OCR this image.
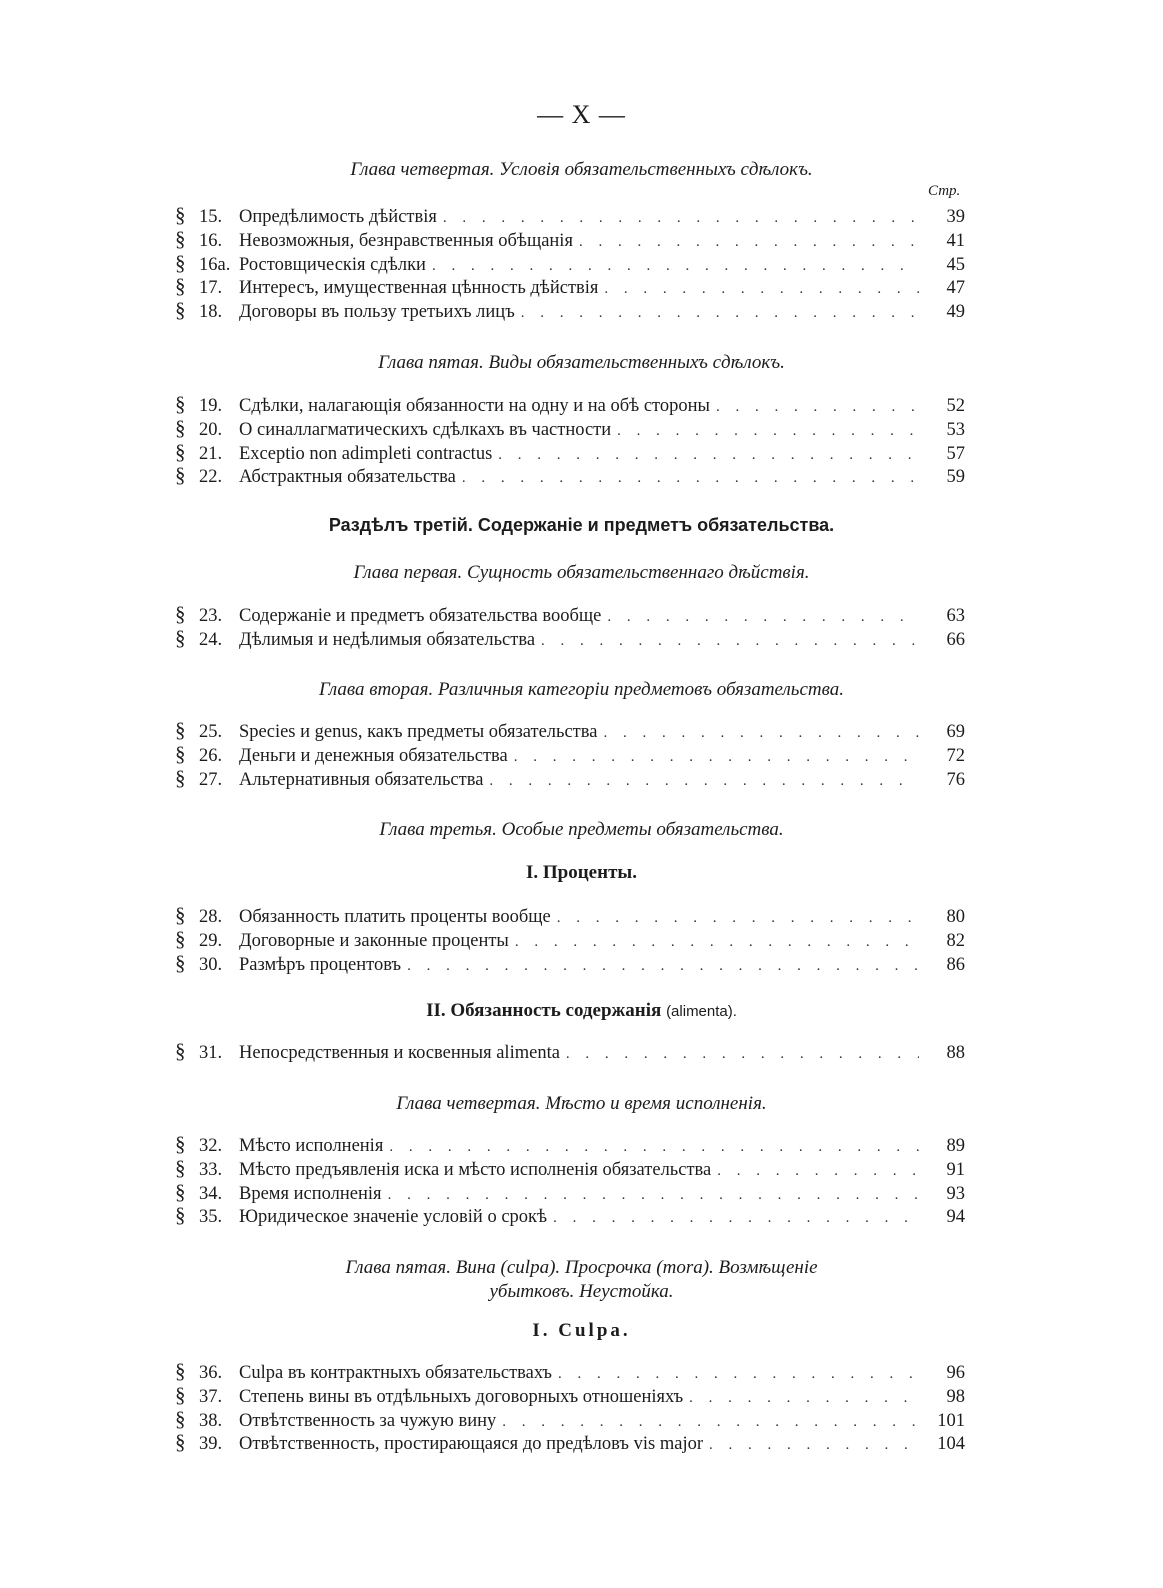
— X —
Глава четвертая. Условія обязательственныхъ сдѣлокъ.
Стр.
§ 15. Опредѣлимость дѣйствія . . .	39
§ 16. Невозможныя, безнравственныя обѣщанія . . .	41
§ 16а. Ростовщическія сдѣлки . . .	45
§ 17. Интересъ, имущественная цѣнность дѣйствія . . .	47
§ 18. Договоры въ пользу третьихъ лицъ . . .	49
Глава пятая. Виды обязательственныхъ сдѣлокъ.
§ 19. Сдѣлки, налагающія обязанности на одну и на обѣ стороны . . .	52
§ 20. О синаллагматическихъ сдѣлкахъ въ частности . . .	53
§ 21. Exceptio non adimpleti contractus . . .	57
§ 22. Абстрактныя обязательства . . .	59
Раздѣлъ третій. Содержаніе и предметъ обязательства.
Глава первая. Сущность обязательственнаго дѣйствія.
§ 23. Содержаніе и предметъ обязательства вообще . . .	63
§ 24. Дѣлимыя и недѣлимыя обязательства . . .	66
Глава вторая. Различныя категоріи предметовъ обязательства.
§ 25. Species и genus, какъ предметы обязательства . . .	69
§ 26. Деньги и денежныя обязательства . . .	72
§ 27. Альтернативныя обязательства . . .	76
Глава третья. Особые предметы обязательства.
I. Проценты.
§ 28. Обязанность платить проценты вообще . . .	80
§ 29. Договорные и законные проценты . . .	82
§ 30. Размѣръ процентовъ . . .	86
II. Обязанность содержанія (alimenta).
§ 31. Непосредственныя и косвенныя alimenta . . .	88
Глава четвертая. Мѣсто и время исполненія.
§ 32. Мѣсто исполненія . . .	89
§ 33. Мѣсто предъявленія иска и мѣсто исполненія обязательства . . .	91
§ 34. Время исполненія . . .	93
§ 35. Юридическое значеніе условій о срокѣ . . .	94
Глава пятая. Вина (culpa). Просрочка (mora). Возмѣщеніе
убытковъ. Неустойка.
I. Culpa.
§ 36. Culpa въ контрактныхъ обязательствахъ . . .	96
§ 37. Степень вины въ отдѣльныхъ договорныхъ отношеніяхъ . . .	98
§ 38. Отвѣтственность за чужую вину . . .	101
§ 39. Отвѣтственность, простирающаяся до предѣловъ vis major . . .	104
